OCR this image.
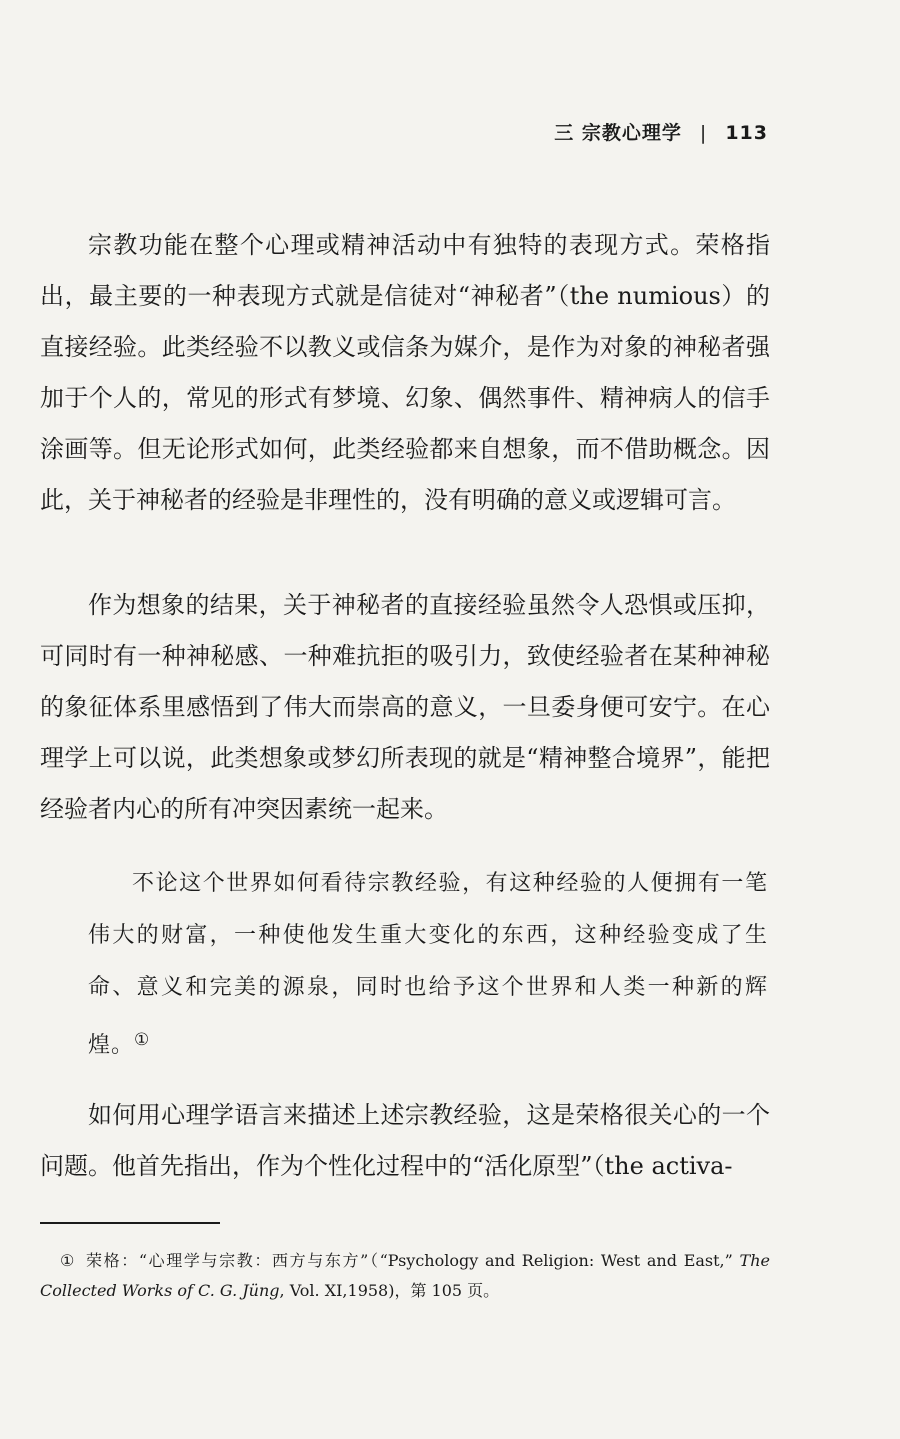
三 宗教心理学 | 113

宗教功能在整个心理或精神活动中有独特的表现方式。荣格指出，最主要的一种表现方式就是信徒对“神秘者”（the numious）的直接经验。此类经验不以教义或信条为媒介，是作为对象的神秘者强加于个人的，常见的形式有梦境、幻象、偶然事件、精神病人的信手涂画等。但无论形式如何，此类经验都来自想象，而不借助概念。因此，关于神秘者的经验是非理性的，没有明确的意义或逻辑可言。

作为想象的结果，关于神秘者的直接经验虽然令人恐惧或压抑，可同时有一种神秘感、一种难抗拒的吸引力，致使经验者在某种神秘的象征体系里感悟到了伟大而崇高的意义，一旦委身便可安宁。在心理学上可以说，此类想象或梦幻所表现的就是“精神整合境界”，能把经验者内心的所有冲突因素统一起来。

不论这个世界如何看待宗教经验，有这种经验的人便拥有一笔伟大的财富，一种使他发生重大变化的东西，这种经验变成了生命、意义和完美的源泉，同时也给予这个世界和人类一种新的辉煌。①

如何用心理学语言来描述上述宗教经验，这是荣格很关心的一个问题。他首先指出，作为个性化过程中的“活化原型”（the activa-

① 荣格：“心理学与宗教：西方与东方”（“Psychology and Religion: West and East,” The Collected Works of C. G. Jüng, Vol. XI,1958)，第 105 页。
